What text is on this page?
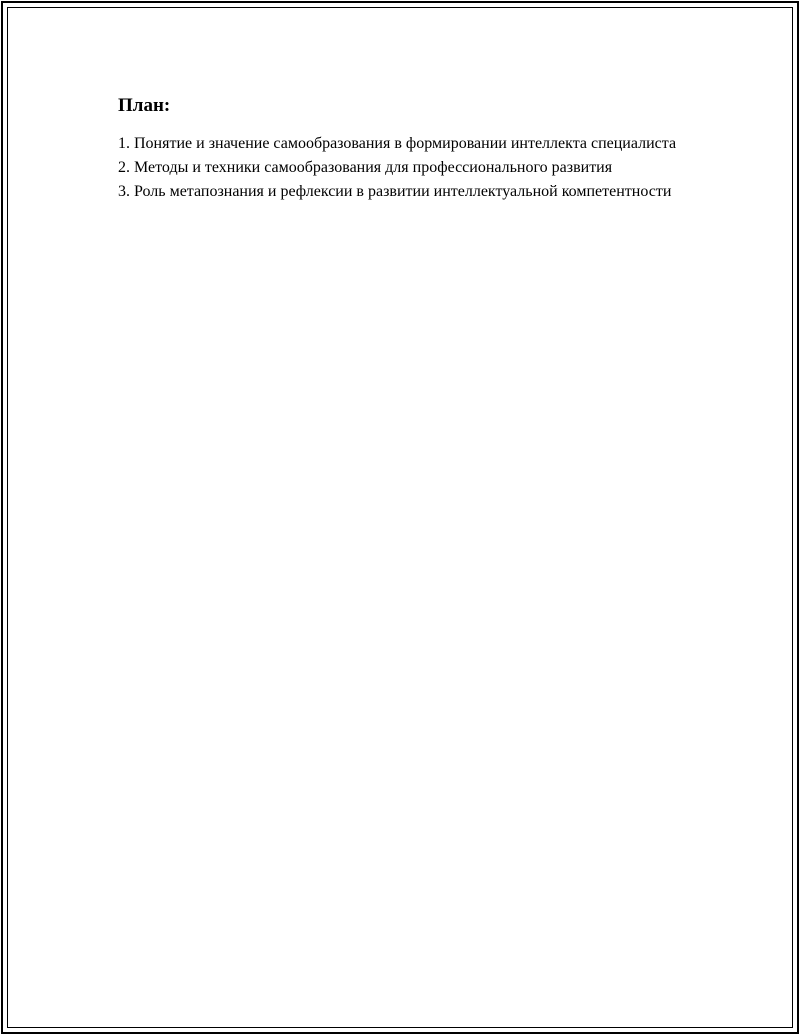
План:
1. Понятие и значение самообразования в формировании интеллекта специалиста
2. Методы и техники самообразования для профессионального развития
3. Роль метапознания и рефлексии в развитии интеллектуальной компетентности
